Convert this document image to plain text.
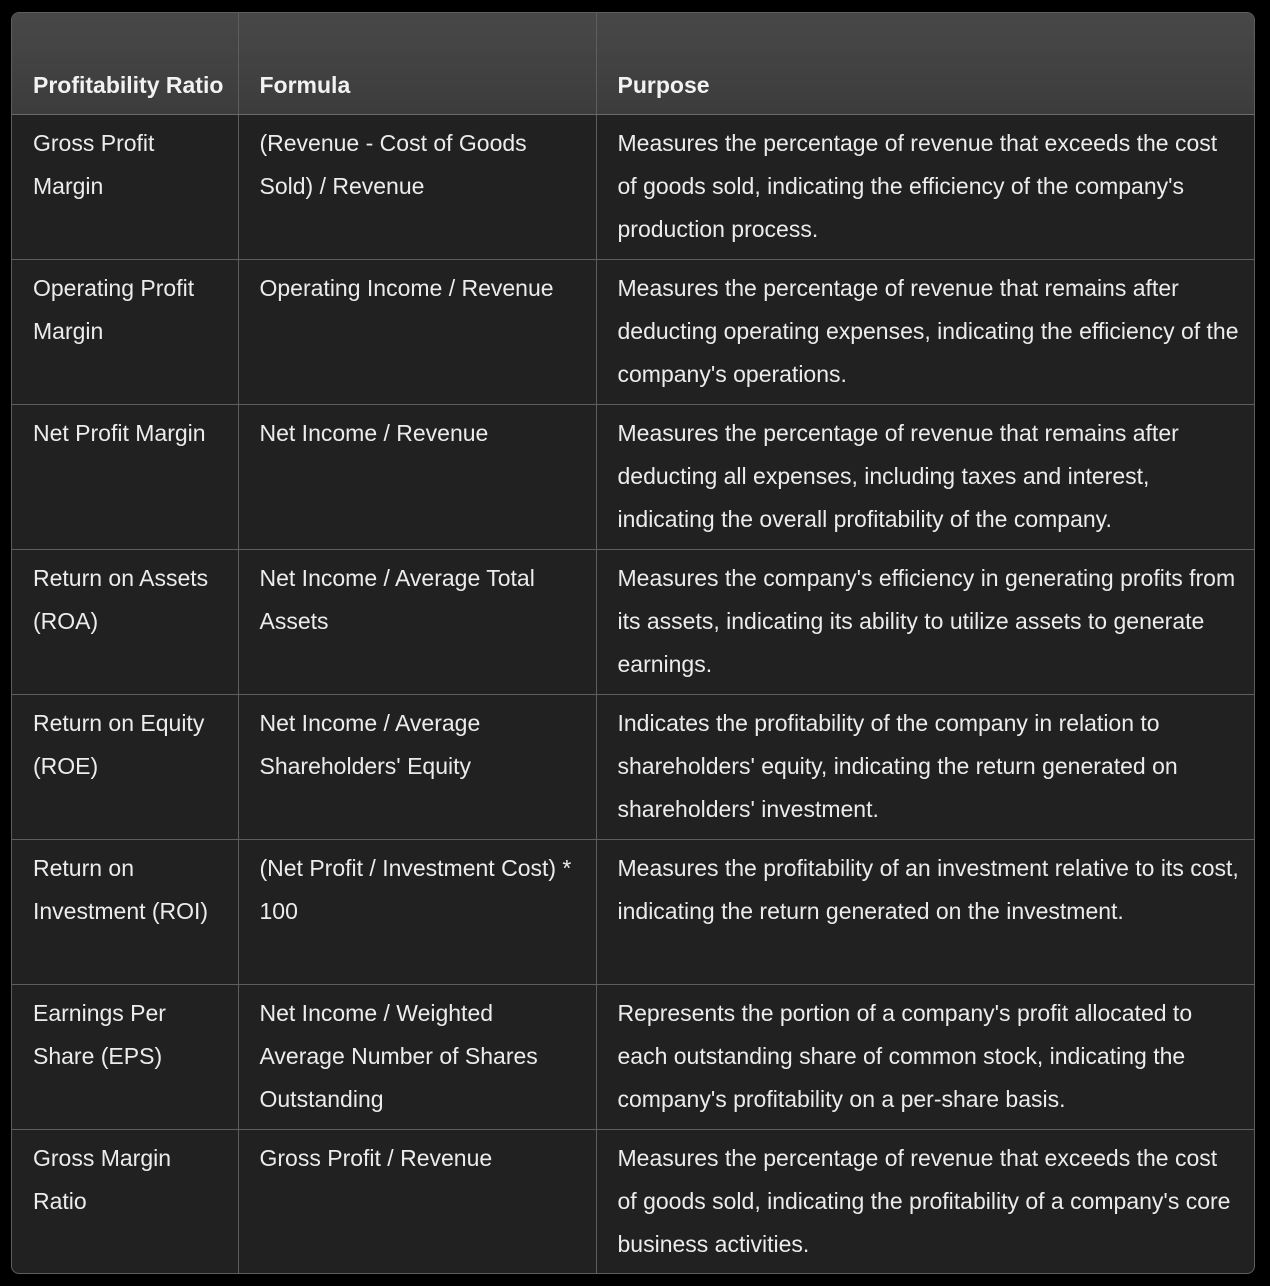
Profitability Ratio	Formula	Purpose
Gross Profit Margin	(Revenue - Cost of Goods Sold) / Revenue	Measures the percentage of revenue that exceeds the cost of goods sold, indicating the efficiency of the company's production process.
Operating Profit Margin	Operating Income / Revenue	Measures the percentage of revenue that remains after deducting operating expenses, indicating the efficiency of the company's operations.
Net Profit Margin	Net Income / Revenue	Measures the percentage of revenue that remains after deducting all expenses, including taxes and interest, indicating the overall profitability of the company.
Return on Assets (ROA)	Net Income / Average Total Assets	Measures the company's efficiency in generating profits from its assets, indicating its ability to utilize assets to generate earnings.
Return on Equity (ROE)	Net Income / Average Shareholders' Equity	Indicates the profitability of the company in relation to shareholders' equity, indicating the return generated on shareholders' investment.
Return on Investment (ROI)	(Net Profit / Investment Cost) * 100	Measures the profitability of an investment relative to its cost, indicating the return generated on the investment.
Earnings Per Share (EPS)	Net Income / Weighted Average Number of Shares Outstanding	Represents the portion of a company's profit allocated to each outstanding share of common stock, indicating the company's profitability on a per-share basis.
Gross Margin Ratio	Gross Profit / Revenue	Measures the percentage of revenue that exceeds the cost of goods sold, indicating the profitability of a company's core business activities.
